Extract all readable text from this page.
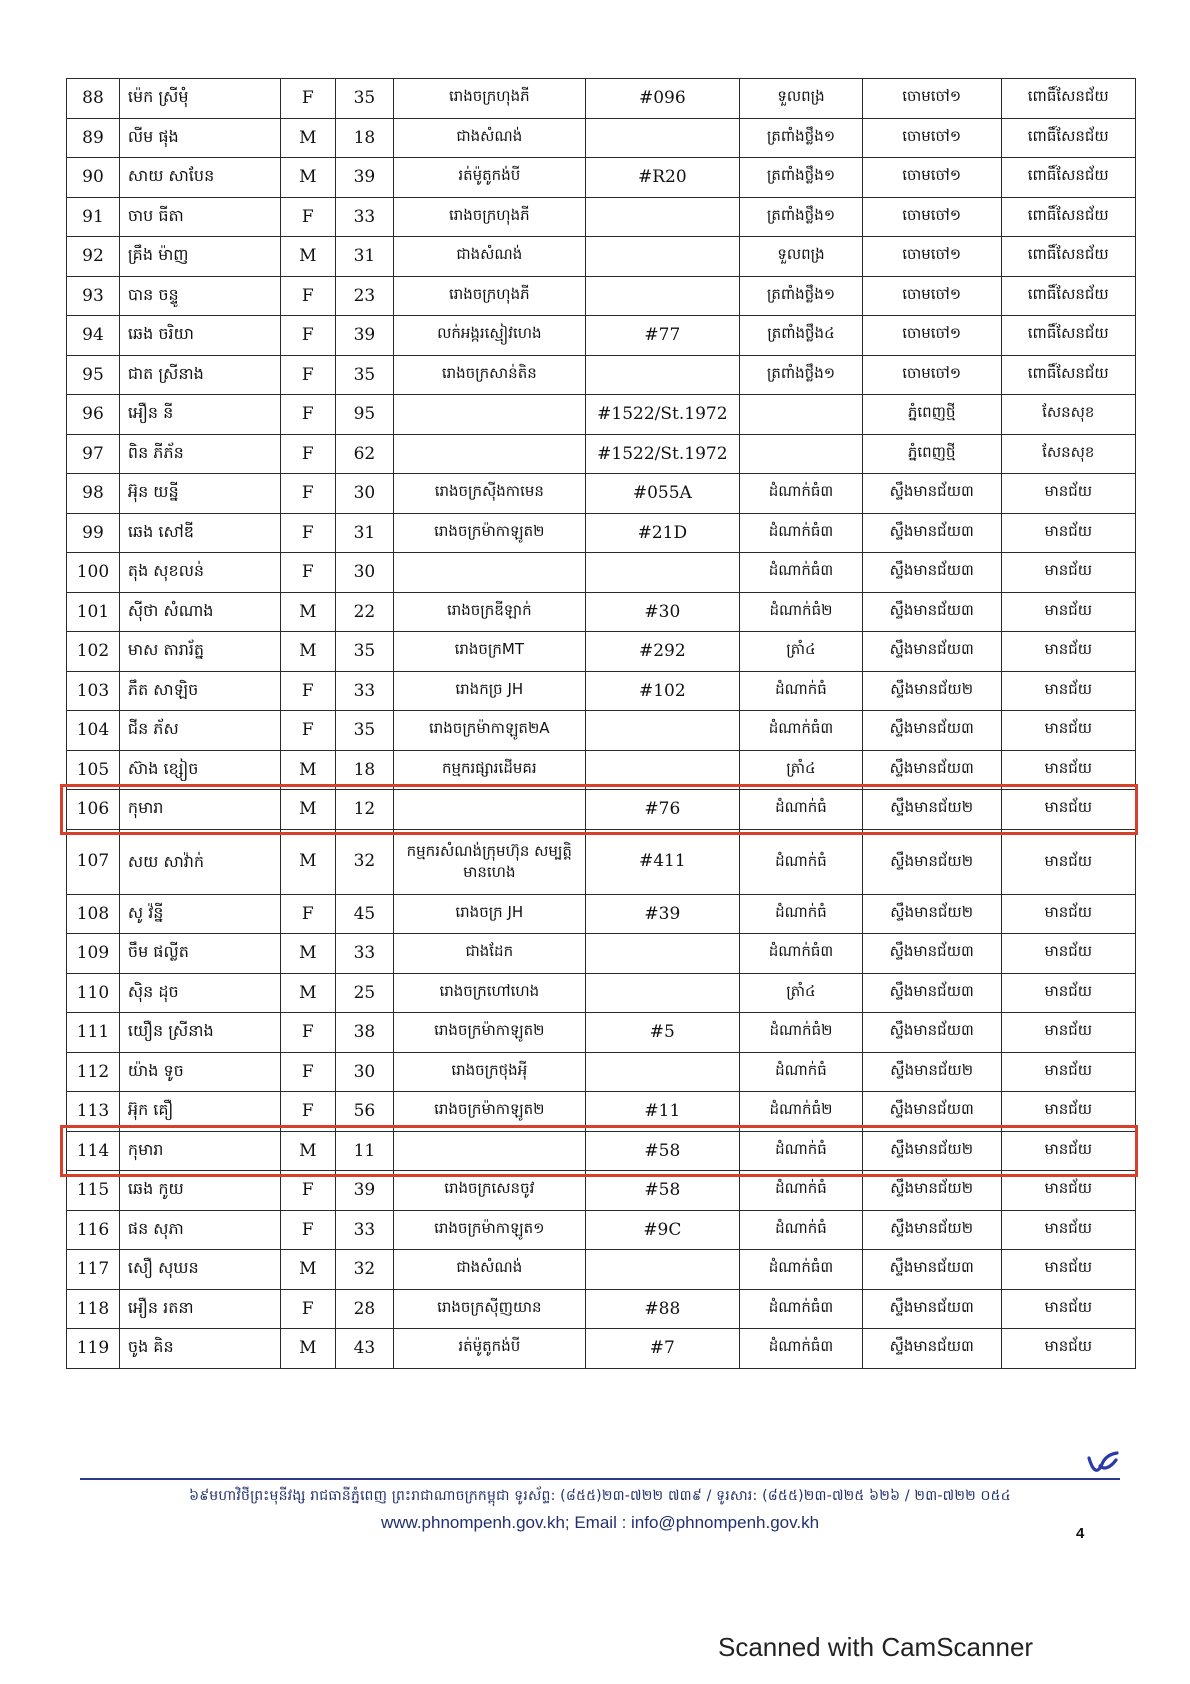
88	ម៉េក ស្រីមុំ	F	35	រោងចក្រហុងភី	#096	ទួលពង្រ	ចោមចៅ១	ពោធិ៍សែនជ័យ
89	លីម ផុង	M	18	ជាងសំណង់		ត្រពាំងថ្លឹង១	ចោមចៅ១	ពោធិ៍សែនជ័យ
90	សាយ សាបែន	M	39	រត់ម៉ូតូកង់បី	#R20	ត្រពាំងថ្លឹង១	ចោមចៅ១	ពោធិ៍សែនជ័យ
91	ចាប ធីតា	F	33	រោងចក្រហុងភី		ត្រពាំងថ្លឹង១	ចោមចៅ១	ពោធិ៍សែនជ័យ
92	គ្រឹង ម៉ាញ	M	31	ជាងសំណង់		ទួលពង្រ	ចោមចៅ១	ពោធិ៍សែនជ័យ
93	បាន ចន្ទូ	F	23	រោងចក្រហុងភី		ត្រពាំងថ្លឹង១	ចោមចៅ១	ពោធិ៍សែនជ័យ
94	ឆេង ចរិយា	F	39	លក់អង្ករស្មៀវហេង	#77	ត្រពាំងថ្លឹង៤	ចោមចៅ១	ពោធិ៍សែនជ័យ
95	ជាត ស្រីនាង	F	35	រោងចក្រសាន់តិន		ត្រពាំងថ្លឹង១	ចោមចៅ១	ពោធិ៍សែនជ័យ
96	អឿន នី	F	95		#1522/St.1972		ភ្នំពេញថ្មី	សែនសុខ
97	ពិន ភីភ័ន	F	62		#1522/St.1972		ភ្នំពេញថ្មី	សែនសុខ
98	អ៊ុន យន្នី	F	30	រោងចក្រស៊ីងកាមេន	#055A	ដំណាក់ធំ៣	ស្ទឹងមានជ័យ៣	មានជ័យ
99	ឆេង សៅឌី	F	31	រោងចក្រម៉ាកាឡូត២	#21D	ដំណាក់ធំ៣	ស្ទឹងមានជ័យ៣	មានជ័យ
100	តុង សុខលន់	F	30			ដំណាក់ធំ៣	ស្ទឹងមានជ័យ៣	មានជ័យ
101	ស៊ីថា សំណាង	M	22	រោងចក្រឌីឡាក់	#30	ដំណាក់ធំ២	ស្ទឹងមានជ័យ៣	មានជ័យ
102	មាស តារារ័ត្ន	M	35	រោងចក្រMT	#292	ត្រាំ៤	ស្ទឹងមានជ័យ៣	មានជ័យ
103	ភឹត សាឡិច	F	33	រោងកច្រ JH	#102	ដំណាក់ធំ	ស្ទឹងមានជ័យ២	មានជ័យ
104	ជីន ភ័ស	F	35	រោងចក្រម៉ាកាឡូត២A		ដំណាក់ធំ៣	ស្ទឹងមានជ័យ៣	មានជ័យ
105	ស៊ាង ខ្សៀច	M	18	កម្មករផ្សារដើមគរ		ត្រាំ៤	ស្ទឹងមានជ័យ៣	មានជ័យ
106	កុមារា	M	12		#76	ដំណាក់ធំ	ស្ទឹងមានជ័យ២	មានជ័យ
107	សយ សាវ៉ាក់	M	32	កម្មករសំណង់ក្រុមហ៊ុន សម្បត្តិមានហេង	#411	ដំណាក់ធំ	ស្ទឹងមានជ័យ២	មានជ័យ
108	សូ វ៉ន្នី	F	45	រោងចក្រ JH	#39	ដំណាក់ធំ	ស្ទឹងមានជ័យ២	មានជ័យ
109	ចឹម ផល្លីត	M	33	ជាងដែក		ដំណាក់ធំ៣	ស្ទឹងមានជ័យ៣	មានជ័យ
110	ស៊ិន ដុច	M	25	រោងចក្រហៅហេង		ត្រាំ៤	ស្ទឹងមានជ័យ៣	មានជ័យ
111	យឿន ស្រីនាង	F	38	រោងចក្រម៉ាកាឡូត២	#5	ដំណាក់ធំ២	ស្ទឹងមានជ័យ៣	មានជ័យ
112	យ៉ាង ទូច	F	30	រោងចក្រថុងអុី		ដំណាក់ធំ	ស្ទឹងមានជ័យ២	មានជ័យ
113	អ៊ុក គឿ	F	56	រោងចក្រម៉ាកាឡូត២	#11	ដំណាក់ធំ២	ស្ទឹងមានជ័យ៣	មានជ័យ
114	កុមារា	M	11		#58	ដំណាក់ធំ	ស្ទឹងមានជ័យ២	មានជ័យ
115	ឆេង កូយ	F	39	រោងចក្រសេនចូវ	#58	ដំណាក់ធំ	ស្ទឹងមានជ័យ២	មានជ័យ
116	ផន សុភា	F	33	រោងចក្រម៉ាកាឡូត១	#9C	ដំណាក់ធំ	ស្ទឹងមានជ័យ២	មានជ័យ
117	សឿ សុឃន	M	32	ជាងសំណង់		ដំណាក់ធំ៣	ស្ទឹងមានជ័យ៣	មានជ័យ
118	អឿន រតនា	F	28	រោងចក្រស៊ីញយាន	#88	ដំណាក់ធំ៣	ស្ទឹងមានជ័យ៣	មានជ័យ
119	ចូង គិន	M	43	រត់ម៉ូតូកង់បី	#7	ដំណាក់ធំ៣	ស្ទឹងមានជ័យ៣	មានជ័យ
៦៩មហាវិថីព្រះមុនីវង្ស រាជធានីភ្នំពេញ ព្រះរាជាណាចក្រកម្ពុជា ទូរស័ព្ទ: (៨៥៥)២៣-៧២២ ៧៣៩ / ទូរសារ: (៨៥៥)២៣-៧២៥ ៦២៦ / ២៣-៧២២ ០៥៤
www.phnompenh.gov.kh; Email : info@phnompenh.gov.kh
4
Scanned with CamScanner
